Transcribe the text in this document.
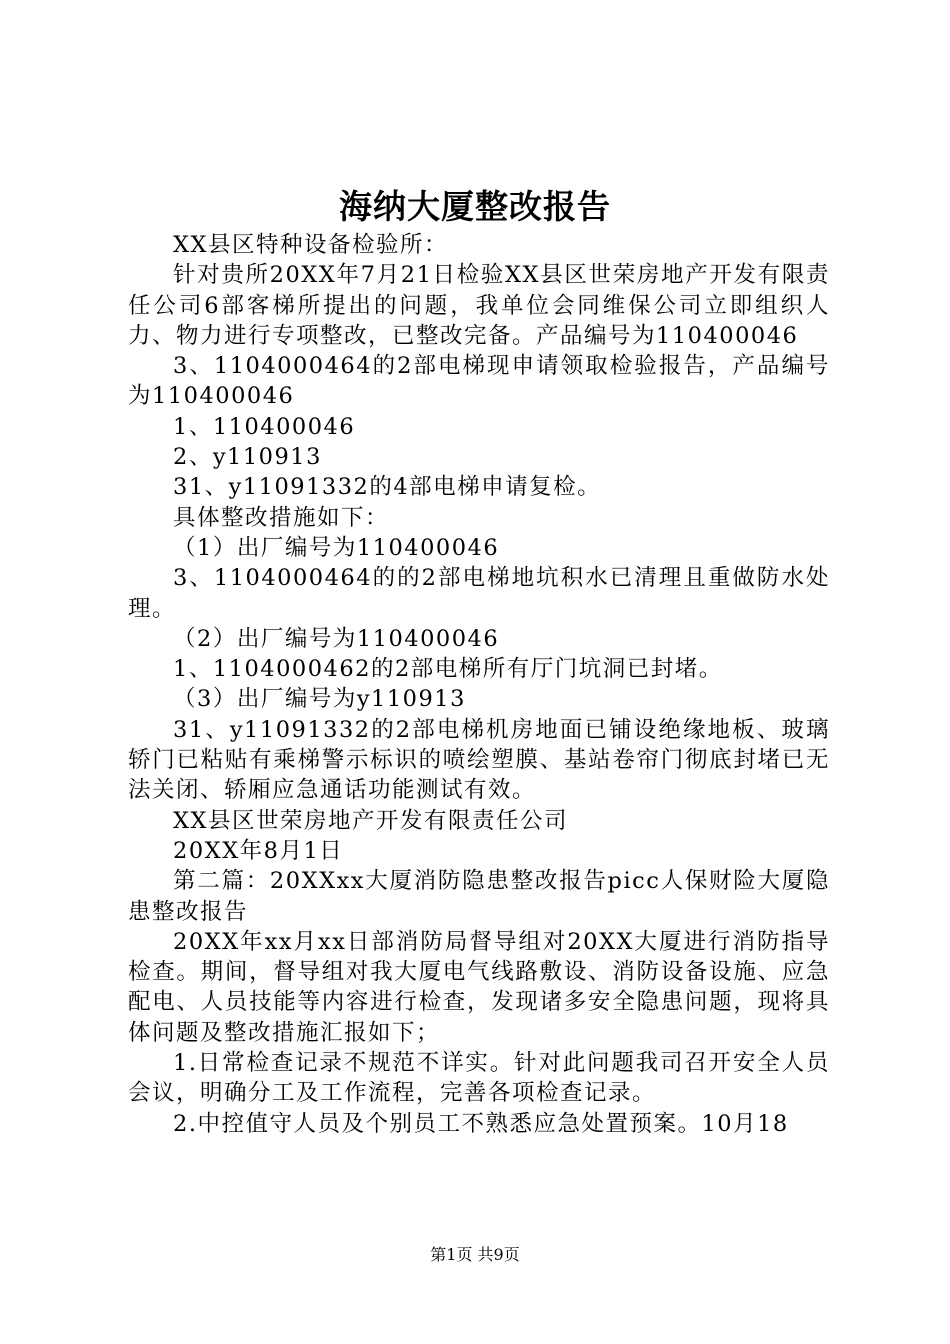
海纳大厦整改报告

XX县区特种设备检验所：

针对贵所20XX年7月21日检验XX县区世荣房地产开发有限责任公司6部客梯所提出的问题，我单位会同维保公司立即组织人力、物力进行专项整改，已整改完备。产品编号为110400046

3、1104000464的2部电梯现申请领取检验报告，产品编号为110400046

1、110400046

2、y110913

31、y11091332的4部电梯申请复检。

具体整改措施如下：

（1）出厂编号为110400046

3、1104000464的的2部电梯地坑积水已清理且重做防水处理。

（2）出厂编号为110400046

1、1104000462的2部电梯所有厅门坑洞已封堵。

（3）出厂编号为y110913

31、y11091332的2部电梯机房地面已铺设绝缘地板、玻璃轿门已粘贴有乘梯警示标识的喷绘塑膜、基站卷帘门彻底封堵已无法关闭、轿厢应急通话功能测试有效。

XX县区世荣房地产开发有限责任公司

20XX年8月1日

第二篇：20XXxx大厦消防隐患整改报告picc人保财险大厦隐患整改报告

20XX年xx月xx日部消防局督导组对20XX大厦进行消防指导检查。期间，督导组对我大厦电气线路敷设、消防设备设施、应急配电、人员技能等内容进行检查，发现诸多安全隐患问题，现将具体问题及整改措施汇报如下；

1.日常检查记录不规范不详实。针对此问题我司召开安全人员会议，明确分工及工作流程，完善各项检查记录。

2.中控值守人员及个别员工不熟悉应急处置预案。10月18

第1页 共9页
